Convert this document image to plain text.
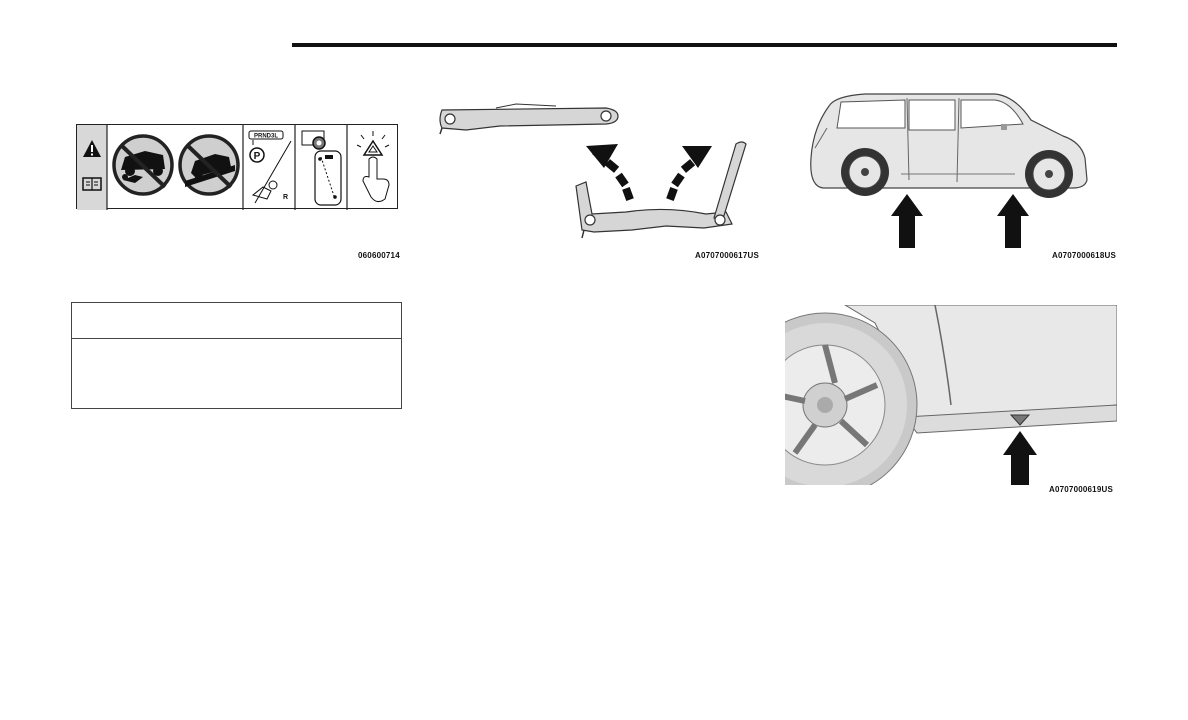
PRND3L
P
R
060600714	A0707000617US	A0707000618US
A0707000619US
